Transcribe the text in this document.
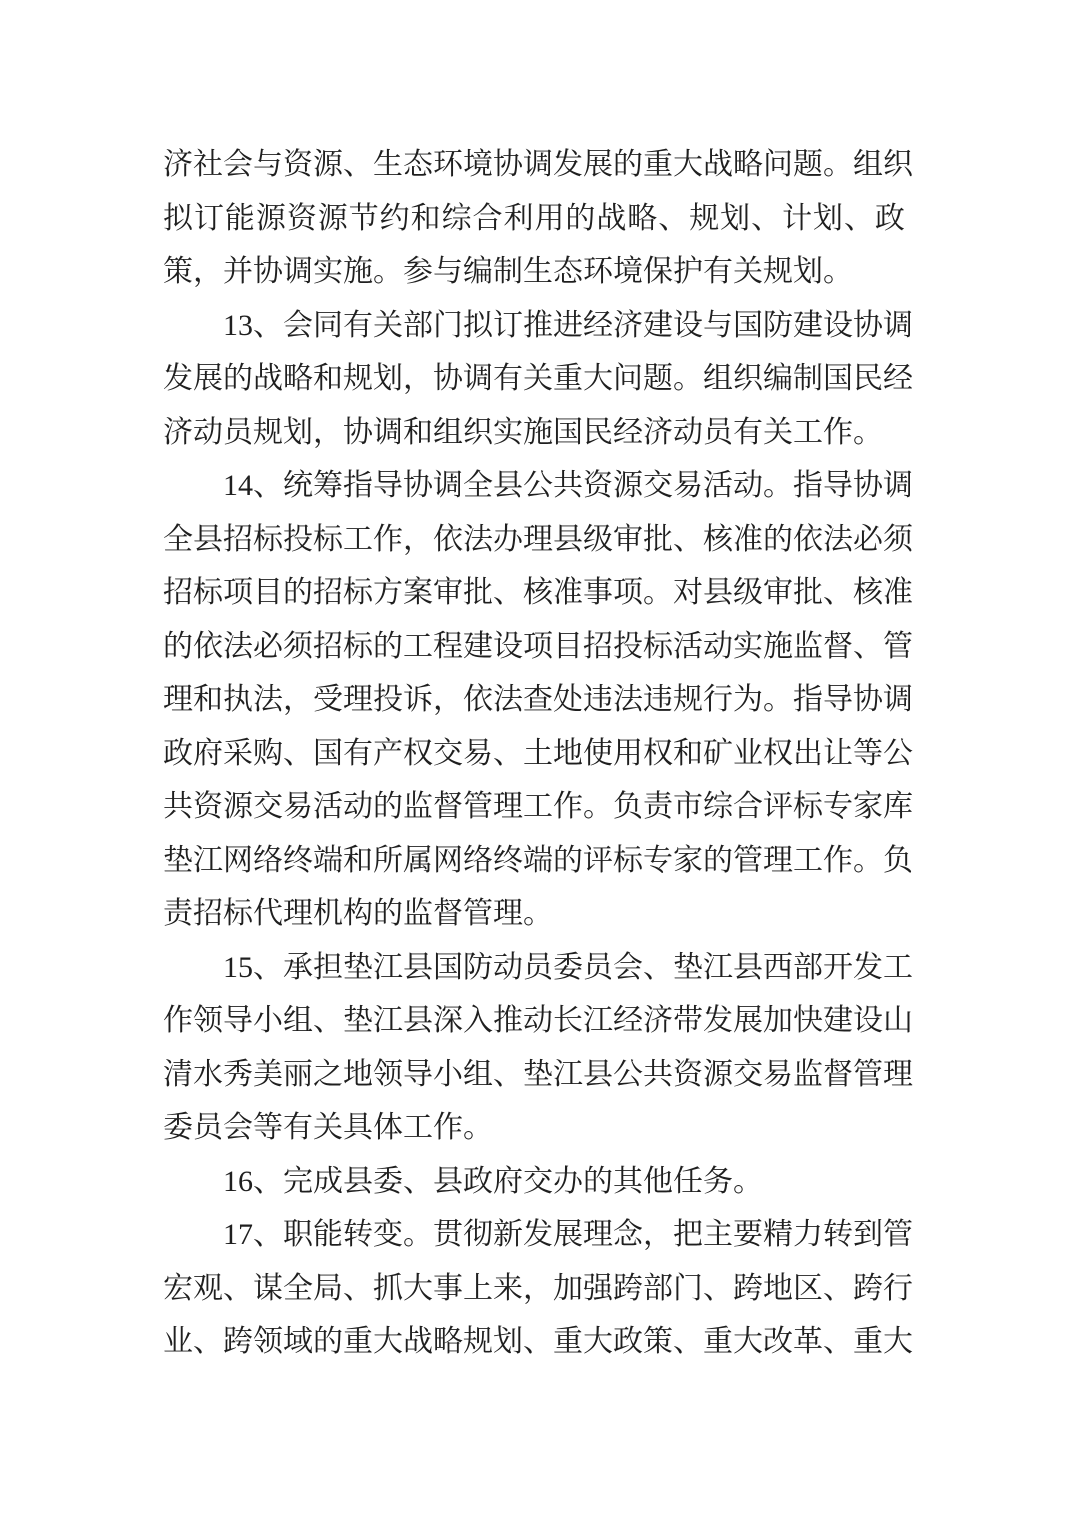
济 社 会 与 资 源 、 生 态 环 境 协 调 发 展 的 重 大 战 略 问 题 。 组 织
拟 订 能 源 资 源 节 约 和 综 合 利 用 的 战 略 、 规 划 、 计 划 、 政
策，并协调实施。参与编制生态环境保护有关规划。

1 3 、 会 同 有 关 部 门 拟 订 推 进 经 济 建 设 与 国 防 建 设 协 调
发 展 的 战 略 和 规 划 ， 协 调 有 关 重 大 问 题 。 组 织 编 制 国 民 经
济动员规划，协调和组织实施国民经济动员有关工作。

1 4 、 统 筹 指 导 协 调 全 县 公 共 资 源 交 易 活 动 。 指 导 协 调
全 县 招 标 投 标 工 作 ， 依 法 办 理 县 级 审 批 、 核 准 的 依 法 必 须
招 标 项 目 的 招 标 方 案 审 批 、 核 准 事 项 。 对 县 级 审 批 、 核 准
的 依 法 必 须 招 标 的 工 程 建 设 项 目 招 投 标 活 动 实 施 监 督 、 管
理 和 执 法 ， 受 理 投 诉 ， 依 法 查 处 违 法 违 规 行 为 。 指 导 协 调
政 府 采 购 、 国 有 产 权 交 易 、 土 地 使 用 权 和 矿 业 权 出 让 等 公
共 资 源 交 易 活 动 的 监 督 管 理 工 作 。 负 责 市 综 合 评 标 专 家 库
垫 江 网 络 终 端 和 所 属 网 络 终 端 的 评 标 专 家 的 管 理 工 作 。 负
责招标代理机构的监督管理。

1 5 、 承 担 垫 江 县 国 防 动 员 委 员 会 、 垫 江 县 西 部 开 发 工
作 领 导 小 组 、 垫 江 县 深 入 推 动 长 江 经 济 带 发 展 加 快 建 设 山
清 水 秀 美 丽 之 地 领 导 小 组 、 垫 江 县 公 共 资 源 交 易 监 督 管 理
委员会等有关具体工作。
　　16、完成县委、县政府交办的其他任务。

1 7 、 职 能 转 变 。 贯 彻 新 发 展 理 念 ， 把 主 要 精 力 转 到 管
宏 观 、 谋 全 局 、 抓 大 事 上 来 ， 加 强 跨 部 门 、 跨 地 区 、 跨 行
业 、 跨 领 域 的 重 大 战 略 规 划 、 重 大 政 策 、 重 大 改 革 、 重 大
